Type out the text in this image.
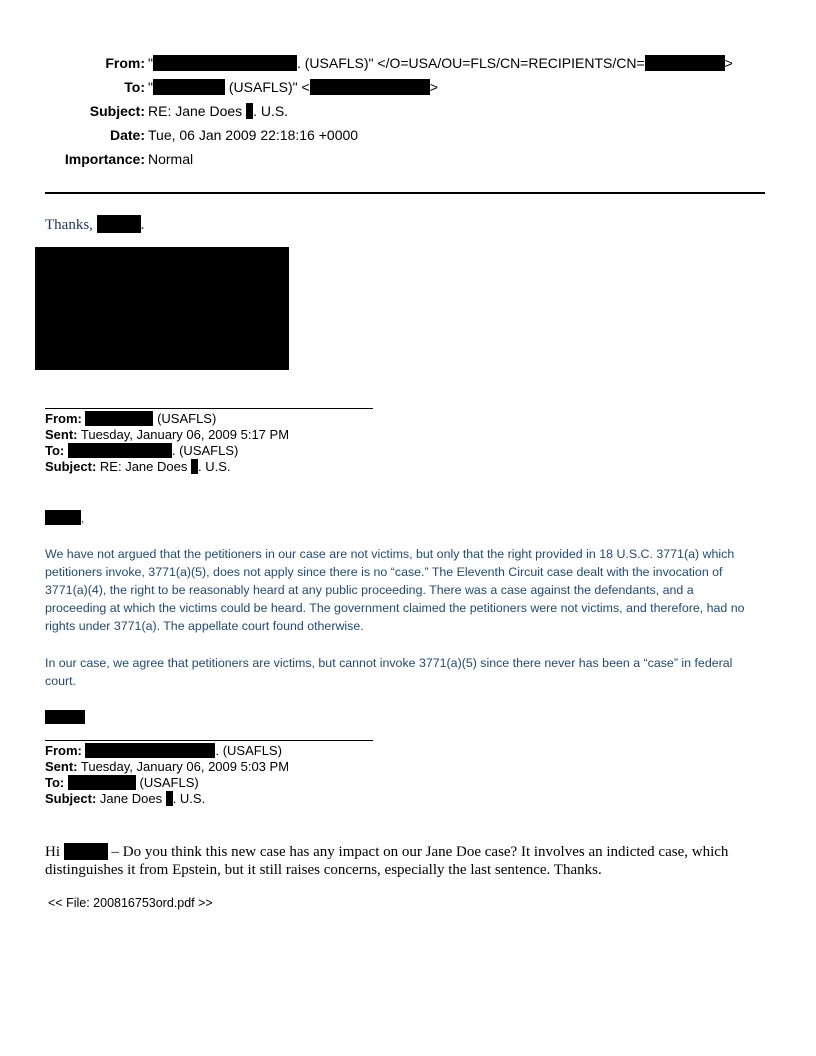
From: "	. (USAFLS)" </O=USA/OU=FLS/CN=RECIPIENTS/CN=	>
To: "	(USAFLS)" <	>
Subject: RE: Jane Does . U.S.
Date: Tue, 06 Jan 2009 22:18:16 +0000
Importance: Normal
Thanks,	.
From:	(USAFLS)
Sent: Tuesday, January 06, 2009 5:17 PM
To:	. (USAFLS)
Subject: RE: Jane Does . U.S.
,
We have not argued that the petitioners in our case are not victims, but only that the right provided in 18 U.S.C. 3771(a) which petitioners invoke, 3771(a)(5), does not apply since there is no “case.” The Eleventh Circuit case dealt with the invocation of 3771(a)(4), the right to be reasonably heard at any public proceeding. There was a case against the defendants, and a proceeding at which the victims could be heard. The government claimed the petitioners were not victims, and therefore, had no rights under 3771(a). The appellate court found otherwise.
In our case, we agree that petitioners are victims, but cannot invoke 3771(a)(5) since there never has been a “case” in federal court.
From:	. (USAFLS)
Sent: Tuesday, January 06, 2009 5:03 PM
To:	(USAFLS)
Subject: Jane Does . U.S.
Hi	– Do you think this new case has any impact on our Jane Doe case? It involves an indicted case, which distinguishes it from Epstein, but it still raises concerns, especially the last sentence. Thanks.
<< File: 200816753ord.pdf >>
